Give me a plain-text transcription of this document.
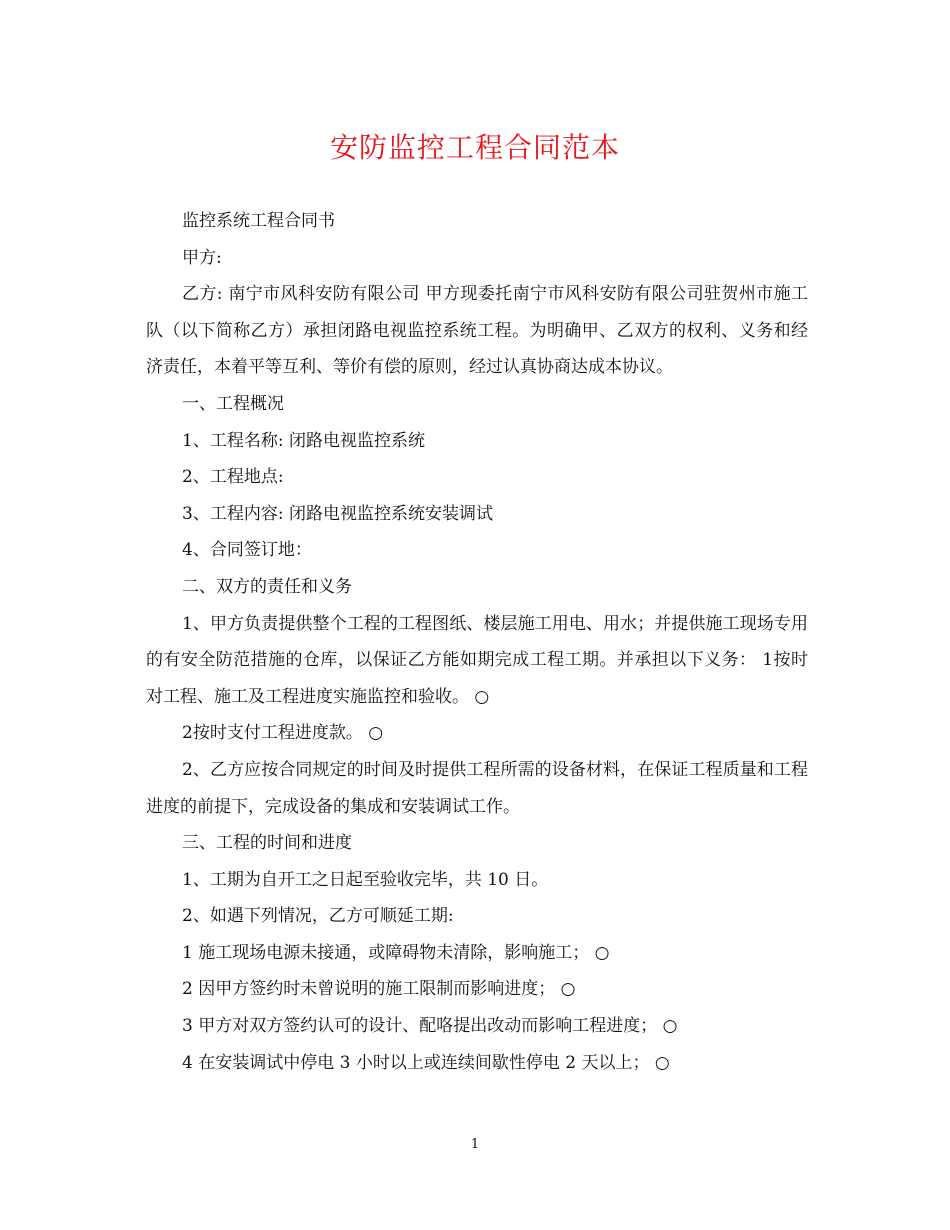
安防监控工程合同范本

监控系统工程合同书

甲方:

乙方: 南宁市风科安防有限公司 甲方现委托南宁市风科安防有限公司驻贺州市施工队（以下简称乙方）承担闭路电视监控系统工程。为明确甲、乙双方的权利、义务和经济责任，本着平等互利、等价有偿的原则，经过认真协商达成本协议。

一、工程概况

1、工程名称: 闭路电视监控系统

2、工程地点:

3、工程内容: 闭路电视监控系统安装调试

4、合同签订地：

二、双方的责任和义务

1、甲方负责提供整个工程的工程图纸、楼层施工用电、用水；并提供施工现场专用的有安全防范措施的仓库，以保证乙方能如期完成工程工期。并承担以下义务： 1按时对工程、施工及工程进度实施监控和验收。 ○

2按时支付工程进度款。 ○

2、乙方应按合同规定的时间及时提供工程所需的设备材料，在保证工程质量和工程进度的前提下，完成设备的集成和安装调试工作。

三、工程的时间和进度

1、工期为自开工之日起至验收完毕，共 10 日。

2、如遇下列情况，乙方可顺延工期:

1 施工现场电源未接通，或障碍物未清除，影响施工； ○

2 因甲方签约时未曾说明的施工限制而影响进度； ○

3 甲方对双方签约认可的设计、配咯提出改动而影响工程进度； ○

4 在安装调试中停电 3 小时以上或连续间歇性停电 2 天以上； ○

1
